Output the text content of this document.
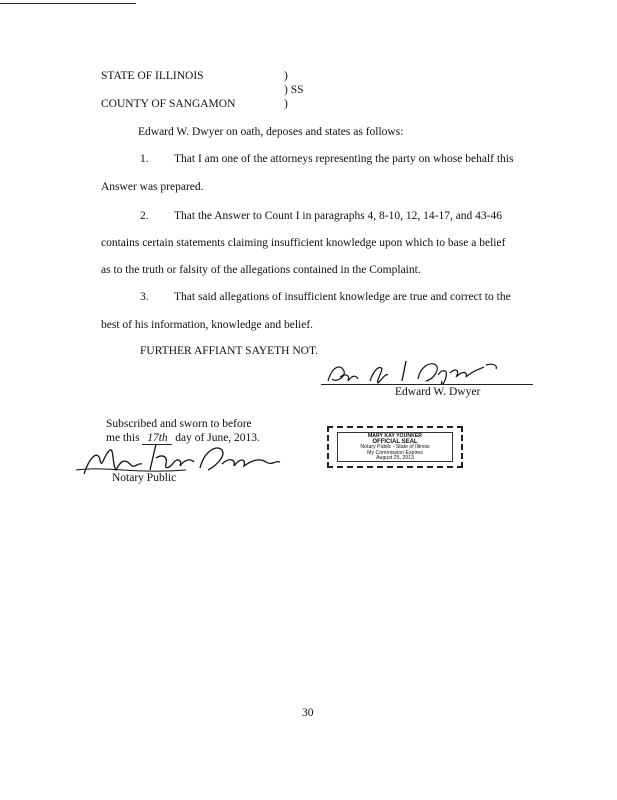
STATE OF ILLINOIS	)
) SS
COUNTY OF SANGAMON	)
Edward W. Dwyer on oath, deposes and states as follows:
1. That I am one of the attorneys representing the party on whose behalf this
Answer was prepared.
2. That the Answer to Count I in paragraphs 4, 8-10, 12, 14-17, and 43-46
contains certain statements claiming insufficient knowledge upon which to base a belief
as to the truth or falsity of the allegations contained in the Complaint.
3. That said allegations of insufficient knowledge are true and correct to the
best of his information, knowledge and belief.
FURTHER AFFIANT SAYETH NOT.
Edward W. Dwyer
Subscribed and sworn to before
me this 17th day of June, 2013.
Notary Public
MARY KAY YOUNKER
OFFICIAL SEAL
Notary Public - State of Illinois
My Commission Expires
August 25, 2013
30
